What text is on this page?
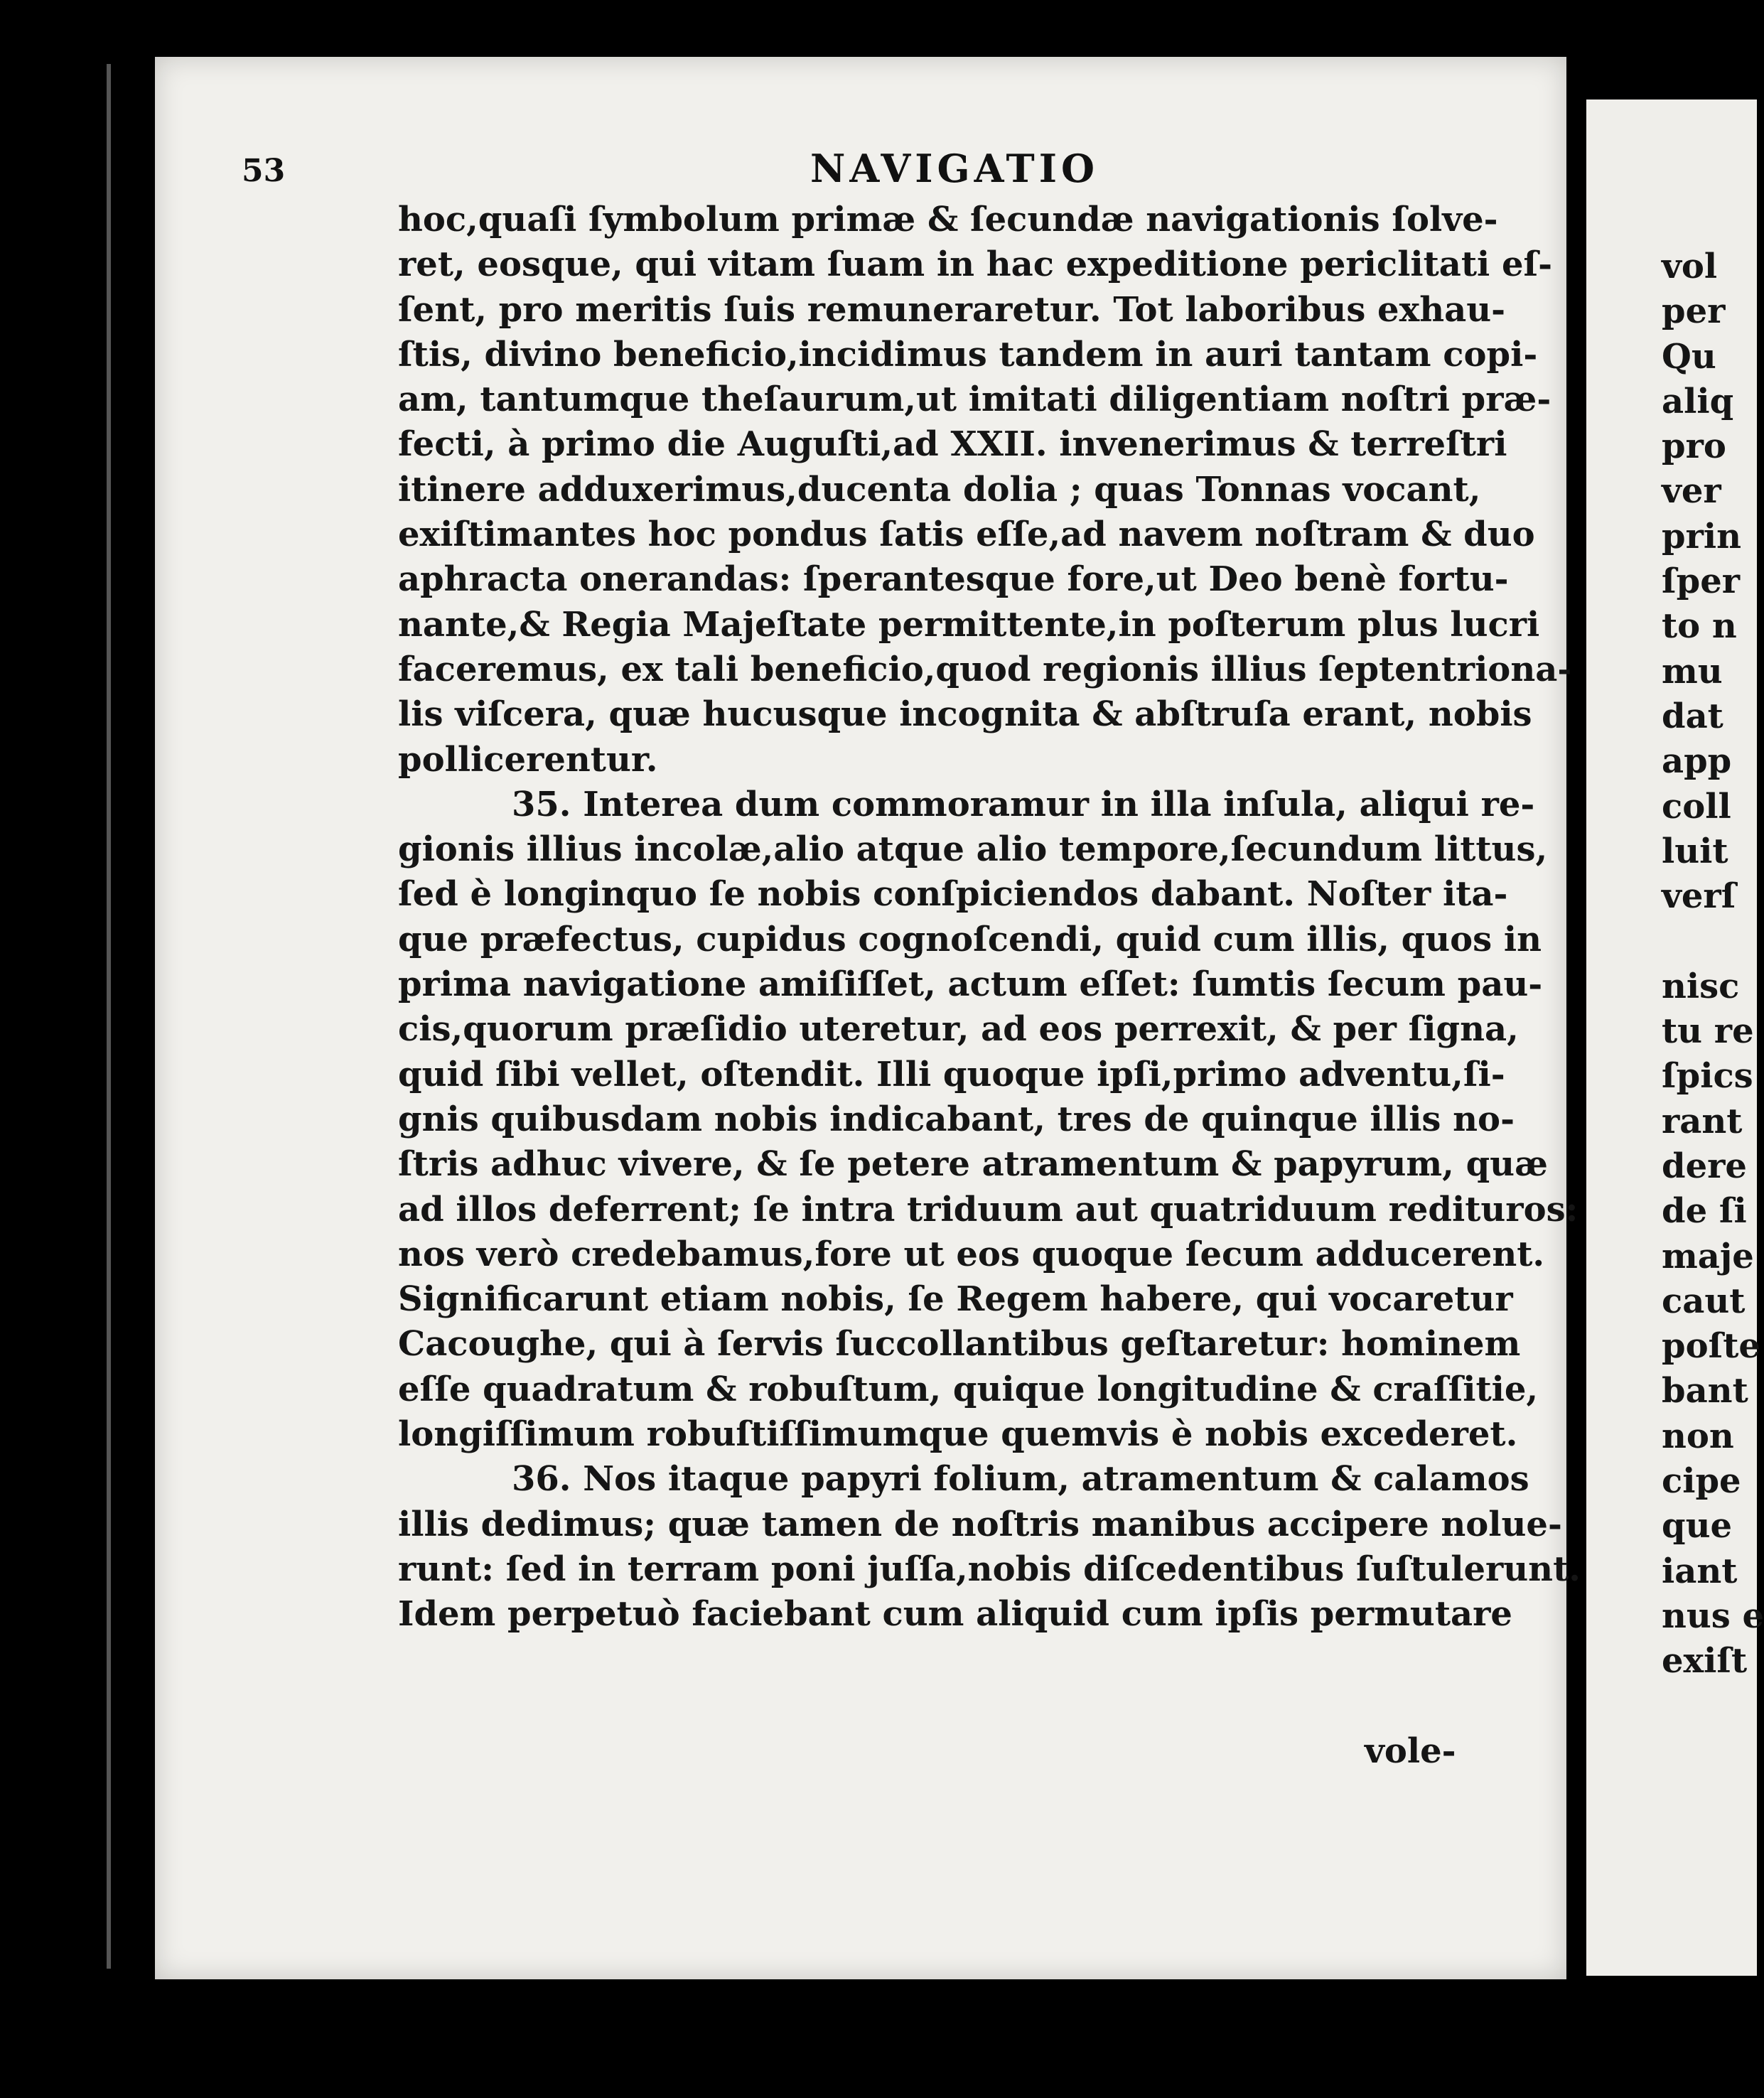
53	NAVIGATIO
hoc,quaſi ſymbolum primæ & ſecundæ navigationis ſolve-
ret, eosque, qui vitam ſuam in hac expeditione periclitati eſ-
ſent, pro meritis ſuis remuneraretur. Tot laboribus exhau-
ſtis, divino beneficio,incidimus tandem in auri tantam copi-
am, tantumque theſaurum,ut imitati diligentiam noſtri præ-
fecti, à primo die Auguſti,ad XXII. invenerimus & terreſtri
itinere adduxerimus,ducenta dolia ; quas Tonnas vocant,
exiſtimantes hoc pondus ſatis eſſe,ad navem noſtram & duo
aphracta onerandas: ſperantesque fore,ut Deo benè fortu-
nante,& Regia Majeſtate permittente,in poſterum plus lucri
faceremus, ex tali beneficio,quod regionis illius ſeptentriona-
lis viſcera, quæ hucusque incognita & abſtruſa erant, nobis
pollicerentur.
35. Interea dum commoramur in illa inſula, aliqui re-
gionis illius incolæ,alio atque alio tempore,ſecundum littus,
ſed è longinquo ſe nobis conſpiciendos dabant. Noſter ita-
que præfectus, cupidus cognoſcendi, quid cum illis, quos in
prima navigatione amiſiſſet, actum eſſet: ſumtis ſecum pau-
cis,quorum præſidio uteretur, ad eos perrexit, & per ſigna,
quid ſibi vellet, oſtendit. Illi quoque ipſi,primo adventu,ſi-
gnis quibusdam nobis indicabant, tres de quinque illis no-
ſtris adhuc vivere, & ſe petere atramentum & papyrum, quæ
ad illos deferrent; ſe intra triduum aut quatriduum redituros:
nos verò credebamus,fore ut eos quoque ſecum adducerent.
Significarunt etiam nobis, ſe Regem habere, qui vocaretur
Cacoughe, qui à ſervis ſuccollantibus geſtaretur: hominem
eſſe quadratum & robuſtum, quique longitudine & craſſitie,
longiſſimum robuſtiſſimumque quemvis è nobis excederet.
36. Nos itaque papyri folium, atramentum & calamos
illis dedimus; quæ tamen de noſtris manibus accipere nolue-
runt: ſed in terram poni juſſa,nobis diſcedentibus ſuſtulerunt.
Idem perpetuò faciebant cum aliquid cum ipſis permutare
vole-
vol
per
Qu
aliq
pro
ver
prin
ſper
to n
mu
dat
app
coll
luit
verſ
nisc
tu re
ſpics
rant
dere
de ſi
maje
caut
poſte
bant
non
cipe
que
iant
nus e
exiſt
